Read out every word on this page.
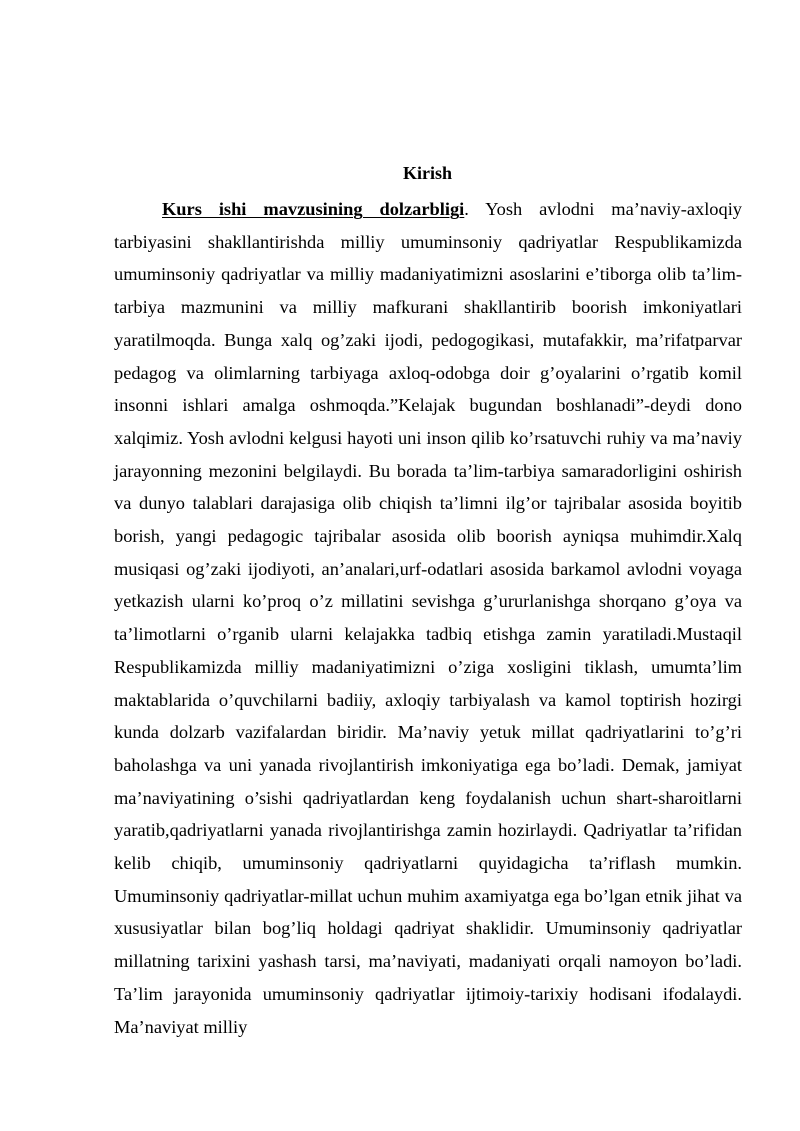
Kirish

Kurs ishi mavzusining dolzarbligi. Yosh avlodni ma’naviy-axloqiy tarbiyasini shakllantirishda milliy umuminsoniy qadriyatlar Respublikamizda umuminsoniy qadriyatlar va milliy madaniyatimizni asoslarini e’tiborga olib ta’lim-tarbiya mazmunini va milliy mafkurani shakllantirib boorish imkoniyatlari yaratilmoqda. Bunga xalq og’zaki ijodi, pedogogikasi, mutafakkir, ma’rifatparvar pedagog va olimlarning tarbiyaga axloq-odobga doir g’oyalarini o’rgatib komil insonni ishlari amalga oshmoqda.”Kelajak bugundan boshlanadi”-deydi dono xalqimiz. Yosh avlodni kelgusi hayoti uni inson qilib ko’rsatuvchi ruhiy va ma’naviy jarayonning mezonini belgilaydi. Bu borada ta’lim-tarbiya samaradorligini oshirish va dunyo talablari darajasiga olib chiqish ta’limni ilg’or tajribalar asosida boyitib borish, yangi pedagogic tajribalar asosida olib boorish ayniqsa muhimdir.Xalq musiqasi og’zaki ijodiyoti, an’analari,urf-odatlari asosida barkamol avlodni voyaga yetkazish ularni ko’proq o’z millatini sevishga g’ururlanishga shorqano g’oya va ta’limotlarni o’rganib ularni kelajakka tadbiq etishga zamin yaratiladi.Mustaqil Respublikamizda milliy madaniyatimizni o’ziga xosligini tiklash, umumta’lim maktablarida o’quvchilarni badiiy, axloqiy tarbiyalash va kamol toptirish hozirgi kunda dolzarb vazifalardan biridir. Ma’naviy yetuk millat qadriyatlarini to’g’ri baholashga va uni yanada rivojlantirish imkoniyatiga ega bo’ladi. Demak, jamiyat ma’naviyatining o’sishi qadriyatlardan keng foydalanish uchun shart-sharoitlarni yaratib,qadriyatlarni yanada rivojlantirishga zamin hozirlaydi. Qadriyatlar ta’rifidan kelib chiqib, umuminsoniy qadriyatlarni quyidagicha ta’riflash mumkin. Umuminsoniy qadriyatlar-millat uchun muhim axamiyatga ega bo’lgan etnik jihat va xususiyatlar bilan bog’liq holdagi qadriyat shaklidir. Umuminsoniy qadriyatlar millatning tarixini yashash tarsi, ma’naviyati, madaniyati orqali namoyon bo’ladi. Ta’lim jarayonida umuminsoniy qadriyatlar ijtimoiy-tarixiy hodisani ifodalaydi. Ma’naviyat milliy
